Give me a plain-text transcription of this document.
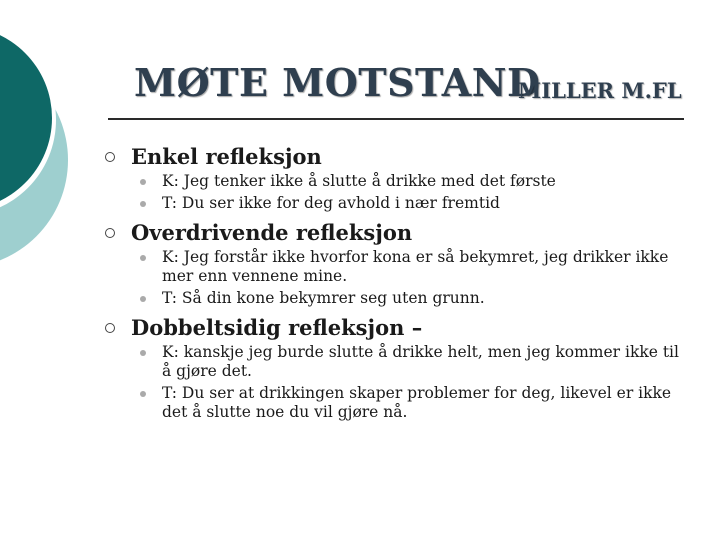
MØTE MOTSTAND
MILLER M.FL
Enkel refleksjon
K: Jeg tenker ikke å slutte å drikke med det første
T: Du ser ikke for deg avhold i nær fremtid
Overdrivende refleksjon
K: Jeg forstår ikke hvorfor kona er så bekymret, jeg drikker ikke mer enn vennene mine.
T: Så din kone bekymrer seg uten grunn.
Dobbeltsidig refleksjon –
K: kanskje jeg burde slutte å drikke helt, men jeg kommer ikke til å gjøre det.
T: Du ser at drikkingen skaper problemer for deg, likevel er ikke det å slutte noe du vil gjøre nå.
